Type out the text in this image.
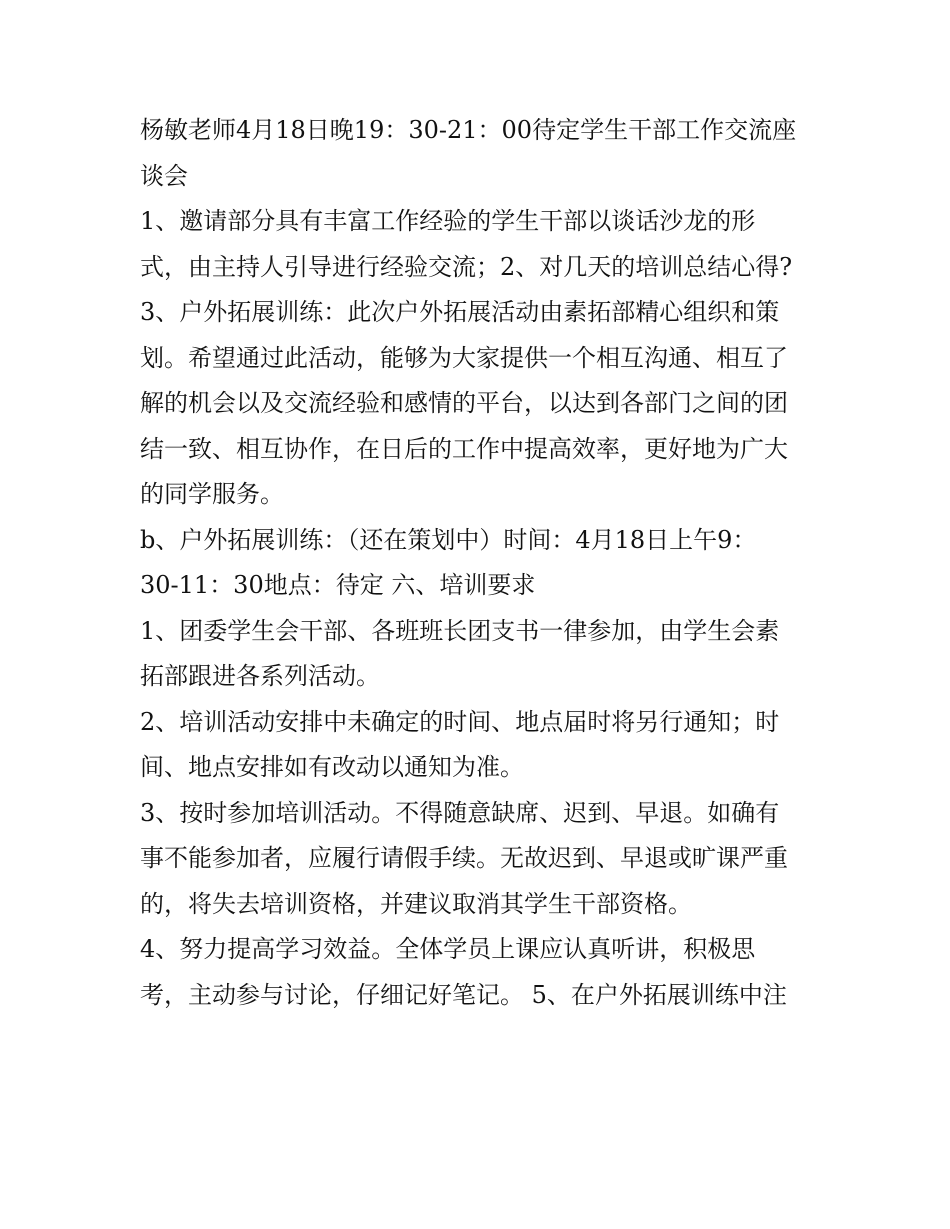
杨敏老师4月18日晚19：30-21：00待定学生干部工作交流座
谈会
1、邀请部分具有丰富工作经验的学生干部以谈话沙龙的形
式，由主持人引导进行经验交流；2、对几天的培训总结心得?
3、户外拓展训练：此次户外拓展活动由素拓部精心组织和策
划。希望通过此活动，能够为大家提供一个相互沟通、相互了
解的机会以及交流经验和感情的平台，以达到各部门之间的团
结一致、相互协作，在日后的工作中提高效率，更好地为广大
的同学服务。
b、户外拓展训练：（还在策划中）时间：4月18日上午9：
30-11：30地点：待定 六、培训要求
1、团委学生会干部、各班班长团支书一律参加，由学生会素
拓部跟进各系列活动。
2、培训活动安排中未确定的时间、地点届时将另行通知；时
间、地点安排如有改动以通知为准。
3、按时参加培训活动。不得随意缺席、迟到、早退。如确有
事不能参加者，应履行请假手续。无故迟到、早退或旷课严重
的，将失去培训资格，并建议取消其学生干部资格。
4、努力提高学习效益。全体学员上课应认真听讲，积极思
考，主动参与讨论，仔细记好笔记。 5、在户外拓展训练中注
